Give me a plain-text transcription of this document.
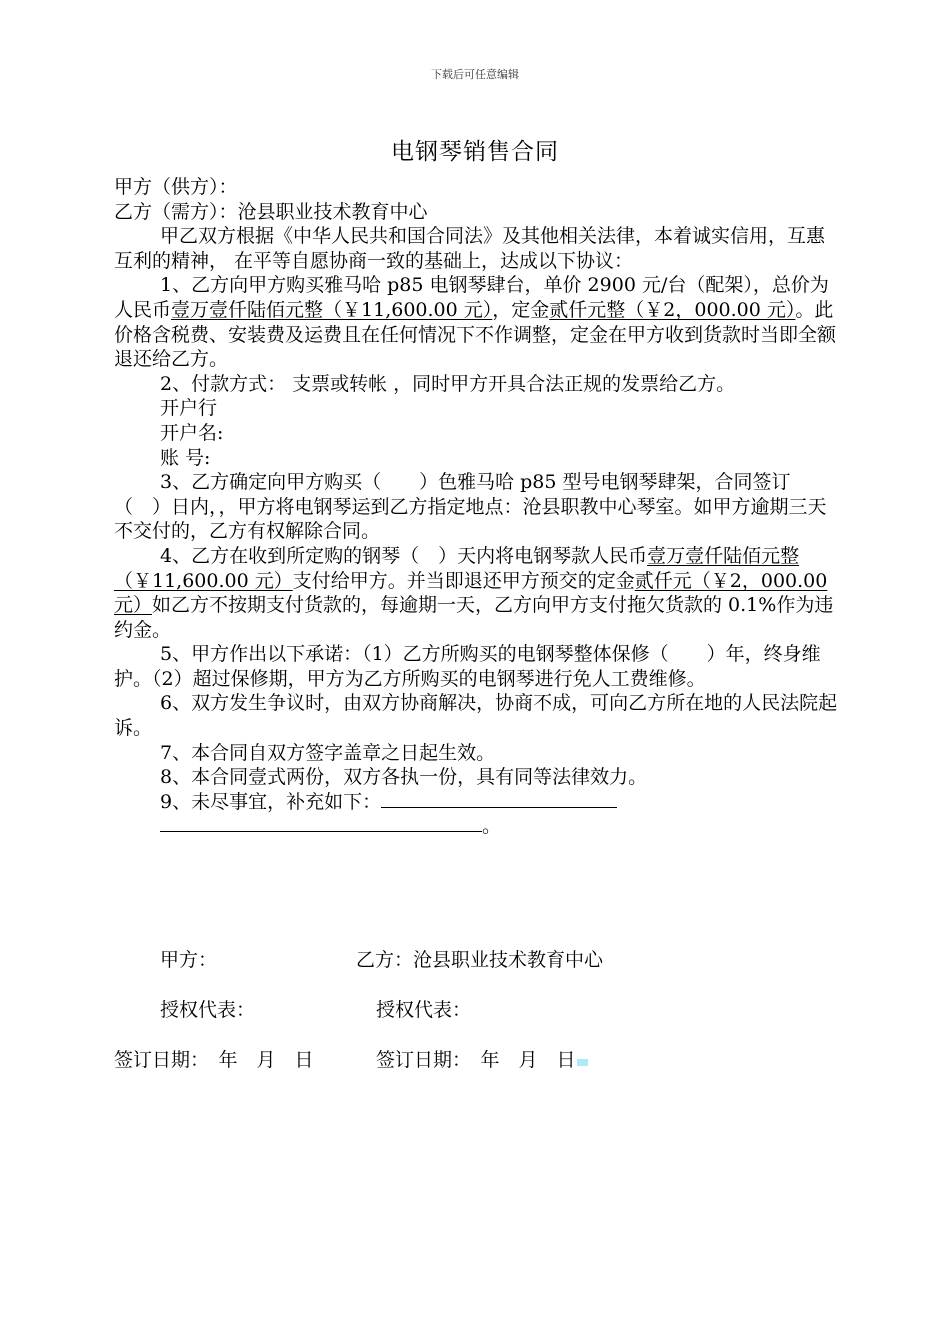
下载后可任意编辑
电钢琴销售合同

甲方（供方）：

乙方（需方）：沧县职业技术教育中心

甲乙双方根据《中华人民共和国合同法》及其他相关法律，本着诚实信用，互惠互利的精神， 在平等自愿协商一致的基础上，达成以下协议：

1、乙方向甲方购买雅马哈 p85 电钢琴肆台，单价 2900 元/台（配架），总价为人民币壹万壹仟陆佰元整（￥11,600.00 元），定金贰仟元整（￥2，000.00 元）。此价格含税费、安装费及运费且在任何情况下不作调整，定金在甲方收到货款时当即全额退还给乙方。

2、付款方式： 支票或转帐 ，同时甲方开具合法正规的发票给乙方。

开户行

开户名:

账 号:

3、乙方确定向甲方购买（　　）色雅马哈 p85 型号电钢琴肆架，合同签订（　）日内，，甲方将电钢琴运到乙方指定地点：沧县职教中心琴室。如甲方逾期三天不交付的，乙方有权解除合同。

4、乙方在收到所定购的钢琴（　）天内将电钢琴款人民币壹万壹仟陆佰元整（￥11,600.00 元）支付给甲方。并当即退还甲方预交的定金贰仟元（￥2，000.00 元）如乙方不按期支付货款的，每逾期一天，乙方向甲方支付拖欠货款的 0.1%作为违约金。

5、甲方作出以下承诺：（1）乙方所购买的电钢琴整体保修（　　）年，终身维护。（2）超过保修期，甲方为乙方所购买的电钢琴进行免人工费维修。

6、双方发生争议时，由双方协商解决，协商不成，可向乙方所在地的人民法院起诉。

7、本合同自双方签字盖章之日起生效。

8、本合同壹式两份，双方各执一份，具有同等法律效力。

9、未尽事宜，补充如下：

。

甲方：	乙方：沧县职业技术教育中心
授权代表：	授权代表：
签订日期：　年　月　日	签订日期：　年　月　日
